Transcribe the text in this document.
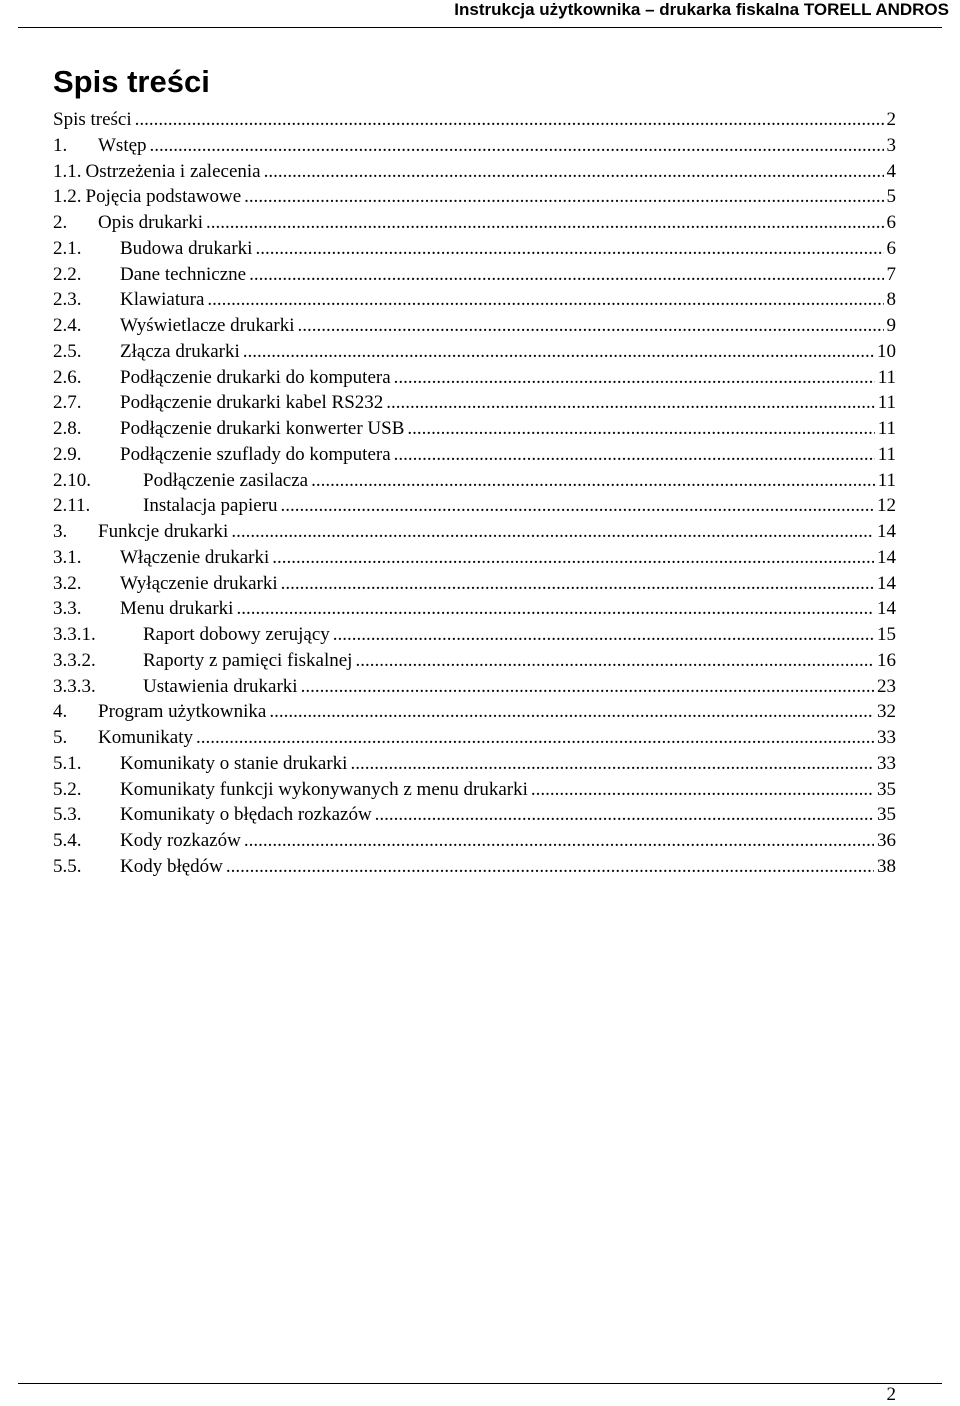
Instrukcja użytkownika – drukarka fiskalna TORELL ANDROS
Spis treści
Spis treści .....	2
1.	Wstęp .....	3
1.1. Ostrzeżenia i zalecenia .....	4
1.2. Pojęcia podstawowe .....	5
2.	Opis drukarki .....	6
2.1.	Budowa drukarki .....	6
2.2.	Dane techniczne .....	7
2.3.	Klawiatura .....	8
2.4.	Wyświetlacze drukarki .....	9
2.5.	Złącza drukarki .....	10
2.6.	Podłączenie drukarki do komputera .....	11
2.7.	Podłączenie drukarki kabel RS232 .....	11
2.8.	Podłączenie drukarki konwerter USB .....	11
2.9.	Podłączenie szuflady do komputera .....	11
2.10.	Podłączenie zasilacza .....	11
2.11.	Instalacja papieru .....	12
3.	Funkcje drukarki .....	14
3.1.	Włączenie drukarki .....	14
3.2.	Wyłączenie drukarki .....	14
3.3.	Menu drukarki .....	14
3.3.1.	Raport dobowy zerujący .....	15
3.3.2.	Raporty z pamięci fiskalnej .....	16
3.3.3.	Ustawienia drukarki .....	23
4.	Program użytkownika .....	32
5.	Komunikaty .....	33
5.1.	Komunikaty o stanie drukarki .....	33
5.2.	Komunikaty funkcji wykonywanych z menu drukarki .....	35
5.3.	Komunikaty o błędach rozkazów .....	35
5.4.	Kody rozkazów .....	36
5.5.	Kody błędów .....	38
2
